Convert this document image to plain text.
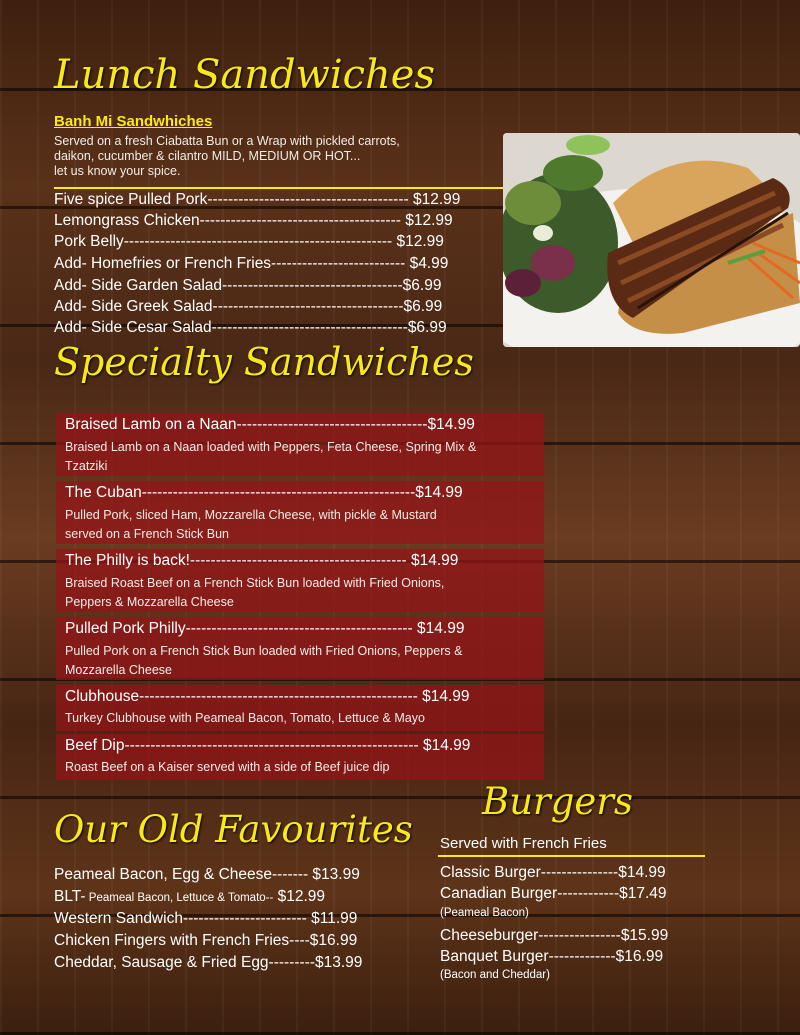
Lunch Sandwiches
Banh Mi Sandwhiches
Served on a fresh Ciabatta Bun or a Wrap with pickled carrots,
daikon, cucumber & cilantro MILD, MEDIUM OR HOT...
let us know your spice.
Five spice Pulled Pork--------------------------------------- $12.99
Lemongrass Chicken--------------------------------------- $12.99
Pork Belly---------------------------------------------------- $12.99
Add- Homefries or French Fries-------------------------- $4.99
Add- Side Garden Salad-----------------------------------$6.99
Add- Side Greek Salad-------------------------------------$6.99
Add- Side Cesar Salad--------------------------------------$6.99
Specialty Sandwiches
Braised Lamb on a Naan-------------------------------------$14.99
Braised Lamb on a Naan loaded with Peppers, Feta Cheese, Spring Mix & Tzatziki
The Cuban-----------------------------------------------------$14.99
Pulled Pork, sliced Ham, Mozzarella Cheese, with pickle & Mustard served on a French Stick Bun
The Philly is back!------------------------------------------ $14.99
Braised Roast Beef on a French Stick Bun loaded with Fried Onions, Peppers & Mozzarella Cheese
Pulled Pork Philly-------------------------------------------- $14.99
Pulled Pork on a French Stick Bun loaded with Fried Onions, Peppers & Mozzarella Cheese
Clubhouse------------------------------------------------------ $14.99
Turkey Clubhouse with Peameal Bacon, Tomato, Lettuce & Mayo
Beef Dip--------------------------------------------------------- $14.99
Roast Beef on a Kaiser served with a side of Beef juice dip
Our Old Favourites
Peameal Bacon, Egg & Cheese------- $13.99
BLT- Peameal Bacon, Lettuce & Tomato-- $12.99
Western Sandwich------------------------ $11.99
Chicken Fingers with French Fries----$16.99
Cheddar, Sausage & Fried Egg---------$13.99
Burgers
Served with French Fries
Classic Burger---------------$14.99
Canadian Burger------------$17.49
(Peameal Bacon)
Cheeseburger----------------$15.99
Banquet Burger-------------$16.99
(Bacon and Cheddar)
